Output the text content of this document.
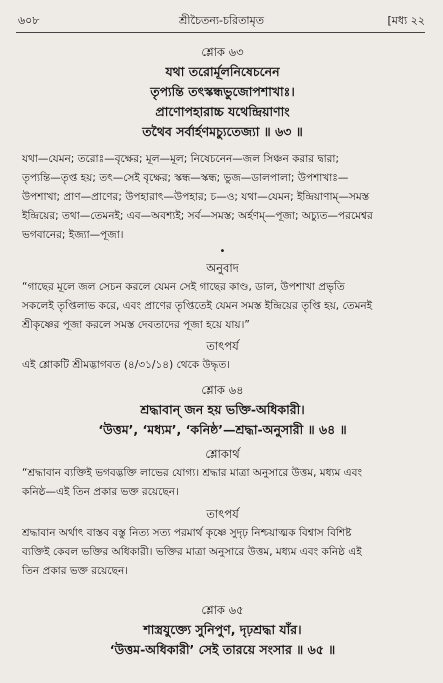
৬০৮	শ্রীচৈতন্য-চরিতামৃত	[মধ্য ২২
শ্লোক ৬৩
যথা তরোর্মূলনিষেচনেন
তৃপ্যন্তি তৎস্কন্ধভুজোপশাখাঃ।
প্রাণোপহারাচ্চ যথেন্দ্রিয়াণাং
তথৈব সর্বার্হণমচ্যুতেজ্যা ॥ ৬৩ ॥
যথা—যেমন; তরোঃ—বৃক্ষের; মূল—মূল; নিষেচনেন—জল সিঞ্চন করার দ্বারা;
তৃপ্যন্তি—তৃপ্ত হয়; তৎ—সেই বৃক্ষের; স্কন্ধ—স্কন্ধ; ভুজ—ডালপালা; উপশাখাঃ—
উপশাখা; প্রাণ—প্রাণের; উপহারাৎ—উপহার; চ—ও; যথা—যেমন; ইন্দ্রিয়াণাম্—সমস্ত
ইন্দ্রিয়ের; তথা—তেমনই; এব—অবশ্যই; সর্ব—সমস্ত; অর্হণম্—পূজা; অচ্যুত—পরমেশ্বর
ভগবানের; ইজ্যা—পূজা।
•
অনুবাদ
“গাছের মূলে জল সেচন করলে যেমন সেই গাছের কাণ্ড, ডাল, উপশাখা প্রভৃতি
সকলেই তৃপ্তিলাভ করে, এবং প্রাণের তৃপ্তিতেই যেমন সমস্ত ইন্দ্রিয়ের তৃপ্তি হয়, তেমনই
শ্রীকৃষ্ণের পূজা করলে সমস্ত দেবতাদের পূজা হয়ে যায়।”
তাৎপর্য
এই শ্লোকটি শ্রীমদ্ভাগবত (৪/৩১/১৪) থেকে উদ্ধৃত।
শ্লোক ৬৪
শ্রদ্ধাবান্ জন হয় ভক্তি-অধিকারী।
‘উত্তম’, ‘মধ্যম’, ‘কনিষ্ঠ’—শ্রদ্ধা-অনুসারী ॥ ৬৪ ॥
শ্লোকার্থ
“শ্রদ্ধাবান ব্যক্তিই ভগবদ্ভক্তি লাভের যোগ্য। শ্রদ্ধার মাত্রা অনুসারে উত্তম, মধ্যম এবং
কনিষ্ঠ—এই তিন প্রকার ভক্ত রয়েছেন।
তাৎপর্য
শ্রদ্ধাবান অর্থাৎ বাস্তব বস্তু নিত্য সত্য পরমার্থ কৃষ্ণে সুদৃঢ় নিশ্চয়াত্মক বিশ্বাস বিশিষ্ট
ব্যক্তিই কেবল ভক্তির অধিকারী। ভক্তির মাত্রা অনুসারে উত্তম, মধ্যম এবং কনিষ্ঠ এই
তিন প্রকার ভক্ত রয়েছেন।
শ্লোক ৬৫
শাস্ত্রযুক্ত্যে সুনিপুণ, দৃঢ়শ্রদ্ধা যাঁর।
‘উত্তম-অধিকারী’ সেই তারয়ে সংসার ॥ ৬৫ ॥
